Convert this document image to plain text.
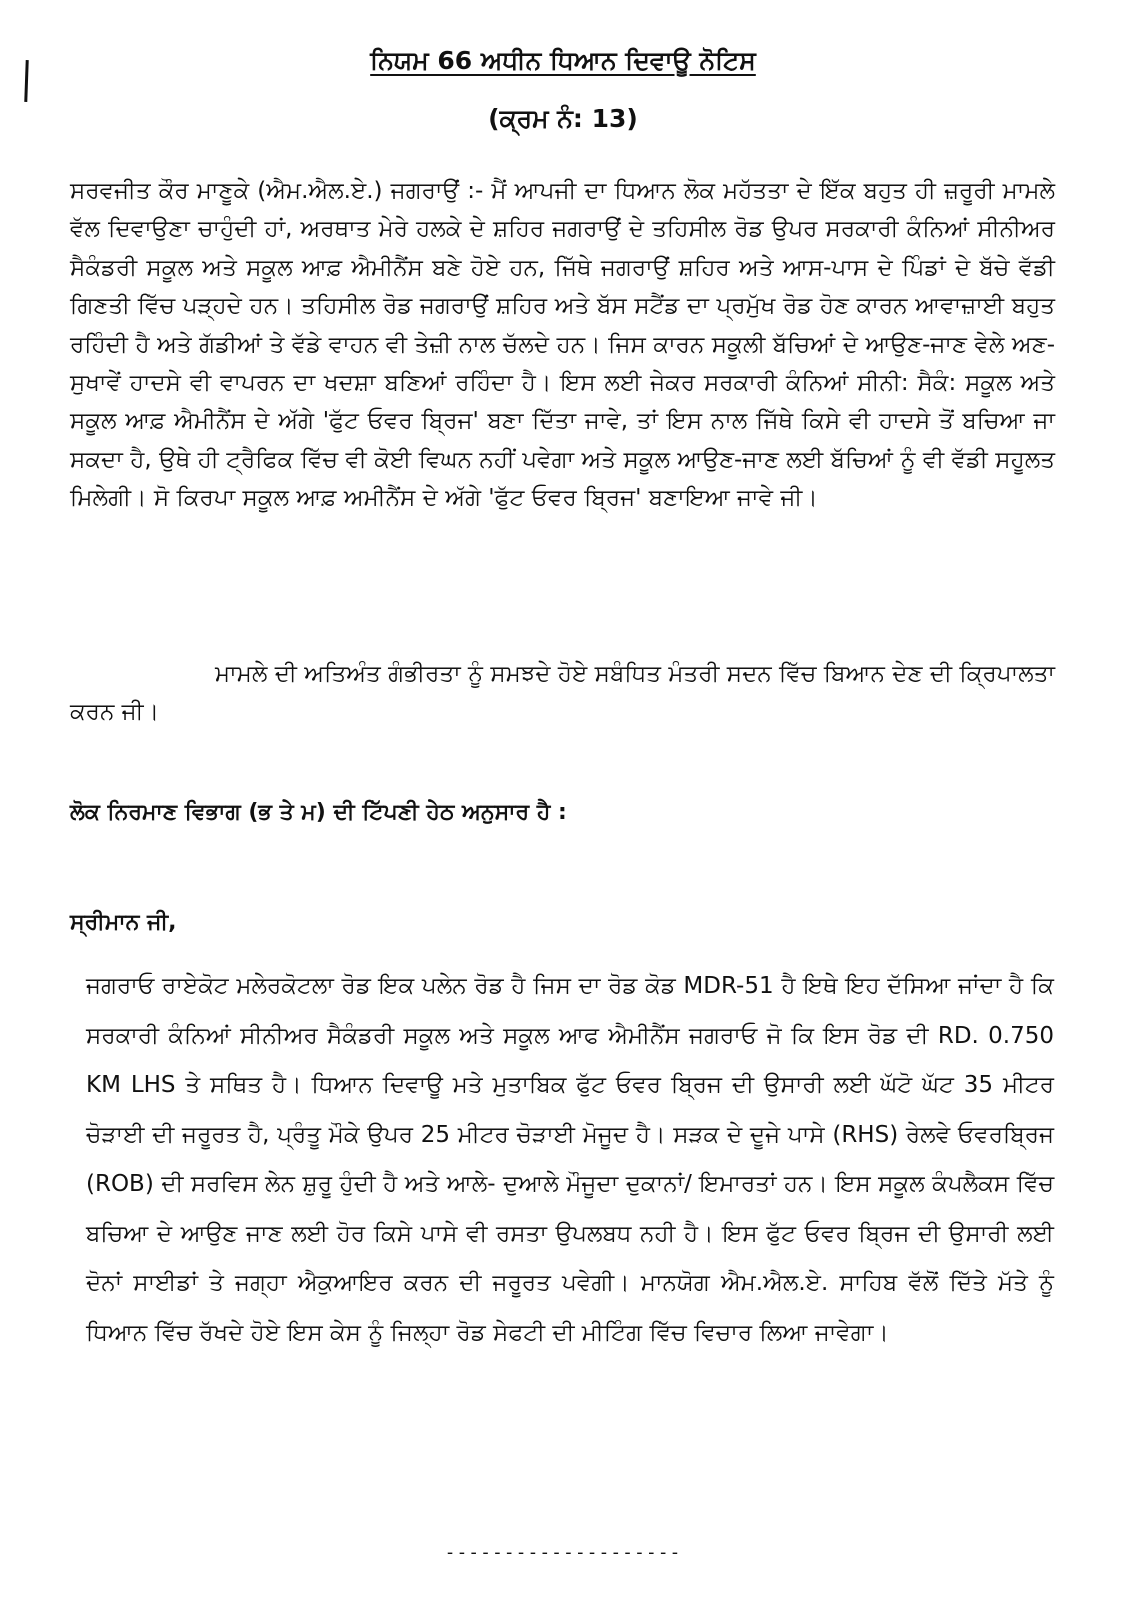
ਨਿਯਮ 66 ਅਧੀਨ ਧਿਆਨ ਦਿਵਾਊ ਨੋਟਿਸ
(ਕ੍ਰਮ ਨੰ: 13)
ਸਰਵਜੀਤ ਕੌਰ ਮਾਣੂਕੇ (ਐਮ.ਐਲ.ਏ.) ਜਗਰਾਉਂ :- ਮੈਂ ਆਪਜੀ ਦਾ ਧਿਆਨ ਲੋਕ ਮਹੱਤਤਾ ਦੇ ਇੱਕ ਬਹੁਤ ਹੀ ਜ਼ਰੂਰੀ ਮਾਮਲੇ ਵੱਲ ਦਿਵਾਉਣਾ ਚਾਹੁੰਦੀ ਹਾਂ, ਅਰਥਾਤ ਮੇਰੇ ਹਲਕੇ ਦੇ ਸ਼ਹਿਰ ਜਗਰਾਉਂ ਦੇ ਤਹਿਸੀਲ ਰੋਡ ਉਪਰ ਸਰਕਾਰੀ ਕੰਨਿਆਂ ਸੀਨੀਅਰ ਸੈਕੰਡਰੀ ਸਕੂਲ ਅਤੇ ਸਕੂਲ ਆਫ਼ ਐਮੀਨੈਂਸ ਬਣੇ ਹੋਏ ਹਨ, ਜਿੱਥੇ ਜਗਰਾਉਂ ਸ਼ਹਿਰ ਅਤੇ ਆਸ-ਪਾਸ ਦੇ ਪਿੰਡਾਂ ਦੇ ਬੱਚੇ ਵੱਡੀ ਗਿਣਤੀ ਵਿੱਚ ਪੜ੍ਹਦੇ ਹਨ। ਤਹਿਸੀਲ ਰੋਡ ਜਗਰਾਉਂ ਸ਼ਹਿਰ ਅਤੇ ਬੱਸ ਸਟੈਂਡ ਦਾ ਪ੍ਰਮੁੱਖ ਰੋਡ ਹੋਣ ਕਾਰਨ ਆਵਾਜ਼ਾਈ ਬਹੁਤ ਰਹਿੰਦੀ ਹੈ ਅਤੇ ਗੱਡੀਆਂ ਤੇ ਵੱਡੇ ਵਾਹਨ ਵੀ ਤੇਜ਼ੀ ਨਾਲ ਚੱਲਦੇ ਹਨ। ਜਿਸ ਕਾਰਨ ਸਕੂਲੀ ਬੱਚਿਆਂ ਦੇ ਆਉਣ-ਜਾਣ ਵੇਲੇ ਅਣ-ਸੁਖਾਵੇਂ ਹਾਦਸੇ ਵੀ ਵਾਪਰਨ ਦਾ ਖਦਸ਼ਾ ਬਣਿਆਂ ਰਹਿੰਦਾ ਹੈ। ਇਸ ਲਈ ਜੇਕਰ ਸਰਕਾਰੀ ਕੰਨਿਆਂ ਸੀਨੀ: ਸੈਕੰ: ਸਕੂਲ ਅਤੇ ਸਕੂਲ ਆਫ਼ ਐਮੀਨੈਂਸ ਦੇ ਅੱਗੇ 'ਫੁੱਟ ਓਵਰ ਬ੍ਰਿਜ' ਬਣਾ ਦਿੱਤਾ ਜਾਵੇ, ਤਾਂ ਇਸ ਨਾਲ ਜਿੱਥੇ ਕਿਸੇ ਵੀ ਹਾਦਸੇ ਤੋਂ ਬਚਿਆ ਜਾ ਸਕਦਾ ਹੈ, ਉਥੇ ਹੀ ਟ੍ਰੈਫਿਕ ਵਿੱਚ ਵੀ ਕੋਈ ਵਿਘਨ ਨਹੀਂ ਪਵੇਗਾ ਅਤੇ ਸਕੂਲ ਆਉਣ-ਜਾਣ ਲਈ ਬੱਚਿਆਂ ਨੂੰ ਵੀ ਵੱਡੀ ਸਹੂਲਤ ਮਿਲੇਗੀ। ਸੋ ਕਿਰਪਾ ਸਕੂਲ ਆਫ਼ ਅਮੀਨੈਂਸ ਦੇ ਅੱਗੇ 'ਫੁੱਟ ਓਵਰ ਬ੍ਰਿਜ' ਬਣਾਇਆ ਜਾਵੇ ਜੀ।
ਮਾਮਲੇ ਦੀ ਅਤਿਅੰਤ ਗੰਭੀਰਤਾ ਨੂੰ ਸਮਝਦੇ ਹੋਏ ਸਬੰਧਿਤ ਮੰਤਰੀ ਸਦਨ ਵਿੱਚ ਬਿਆਨ ਦੇਣ ਦੀ ਕ੍ਰਿਪਾਲਤਾ ਕਰਨ ਜੀ।
ਲੋਕ ਨਿਰਮਾਣ ਵਿਭਾਗ (ਭ ਤੇ ਮ) ਦੀ ਟਿੱਪਣੀ ਹੇਠ ਅਨੁਸਾਰ ਹੈ :
ਸ੍ਰੀਮਾਨ ਜੀ,
ਜਗਰਾਓ ਰਾਏਕੋਟ ਮਲੇਰਕੋਟਲਾ ਰੋਡ ਇਕ ਪਲੇਨ ਰੋਡ ਹੈ ਜਿਸ ਦਾ ਰੋਡ ਕੋਡ MDR-51 ਹੈ ਇਥੇ ਇਹ ਦੱਸਿਆ ਜਾਂਦਾ ਹੈ ਕਿ ਸਰਕਾਰੀ ਕੰਨਿਆਂ ਸੀਨੀਅਰ ਸੈਕੰਡਰੀ ਸਕੂਲ ਅਤੇ ਸਕੂਲ ਆਫ ਐਮੀਨੈਂਸ ਜਗਰਾਓ ਜੋ ਕਿ ਇਸ ਰੋਡ ਦੀ RD. 0.750 KM LHS ਤੇ ਸਥਿਤ ਹੈ। ਧਿਆਨ ਦਿਵਾਊ ਮਤੇ ਮੁਤਾਬਿਕ ਫੁੱਟ ਓਵਰ ਬ੍ਰਿਜ ਦੀ ਉਸਾਰੀ ਲਈ ਘੱਟੋ ਘੱਟ 35 ਮੀਟਰ ਚੋੜਾਈ ਦੀ ਜਰੂਰਤ ਹੈ, ਪ੍ਰੰਤੂ ਮੌਕੇ ਉਪਰ 25 ਮੀਟਰ ਚੋੜਾਈ ਮੋਜੂਦ ਹੈ। ਸੜਕ ਦੇ ਦੂਜੇ ਪਾਸੇ (RHS) ਰੇਲਵੇ ਓਵਰਬ੍ਰਿਜ (ROB) ਦੀ ਸਰਵਿਸ ਲੇਨ ਸ਼ੁਰੂ ਹੁੰਦੀ ਹੈ ਅਤੇ ਆਲੇ- ਦੁਆਲੇ ਮੌਜੂਦਾ ਦੁਕਾਨਾਂ/ ਇਮਾਰਤਾਂ ਹਨ। ਇਸ ਸਕੂਲ ਕੰਪਲੈਕਸ ਵਿੱਚ ਬਚਿਆ ਦੇ ਆਉਣ ਜਾਣ ਲਈ ਹੋਰ ਕਿਸੇ ਪਾਸੇ ਵੀ ਰਸਤਾ ਉਪਲਬਧ ਨਹੀ ਹੈ। ਇਸ ਫੁੱਟ ਓਵਰ ਬ੍ਰਿਜ ਦੀ ਉਸਾਰੀ ਲਈ ਦੋਨਾਂ ਸਾਈਡਾਂ ਤੇ ਜਗ੍ਹਾ ਐਕੁਆਇਰ ਕਰਨ ਦੀ ਜਰੂਰਤ ਪਵੇਗੀ। ਮਾਨਯੋਗ ਐਮ.ਐਲ.ਏ. ਸਾਹਿਬ ਵੱਲੋਂ ਦਿੱਤੇ ਮੱਤੇ ਨੂੰ ਧਿਆਨ ਵਿੱਚ ਰੱਖਦੇ ਹੋਏ ਇਸ ਕੇਸ ਨੂੰ ਜਿਲ੍ਹਾ ਰੋਡ ਸੇਫਟੀ ਦੀ ਮੀਟਿੰਗ ਵਿੱਚ ਵਿਚਾਰ ਲਿਆ ਜਾਵੇਗਾ।
--------------------
